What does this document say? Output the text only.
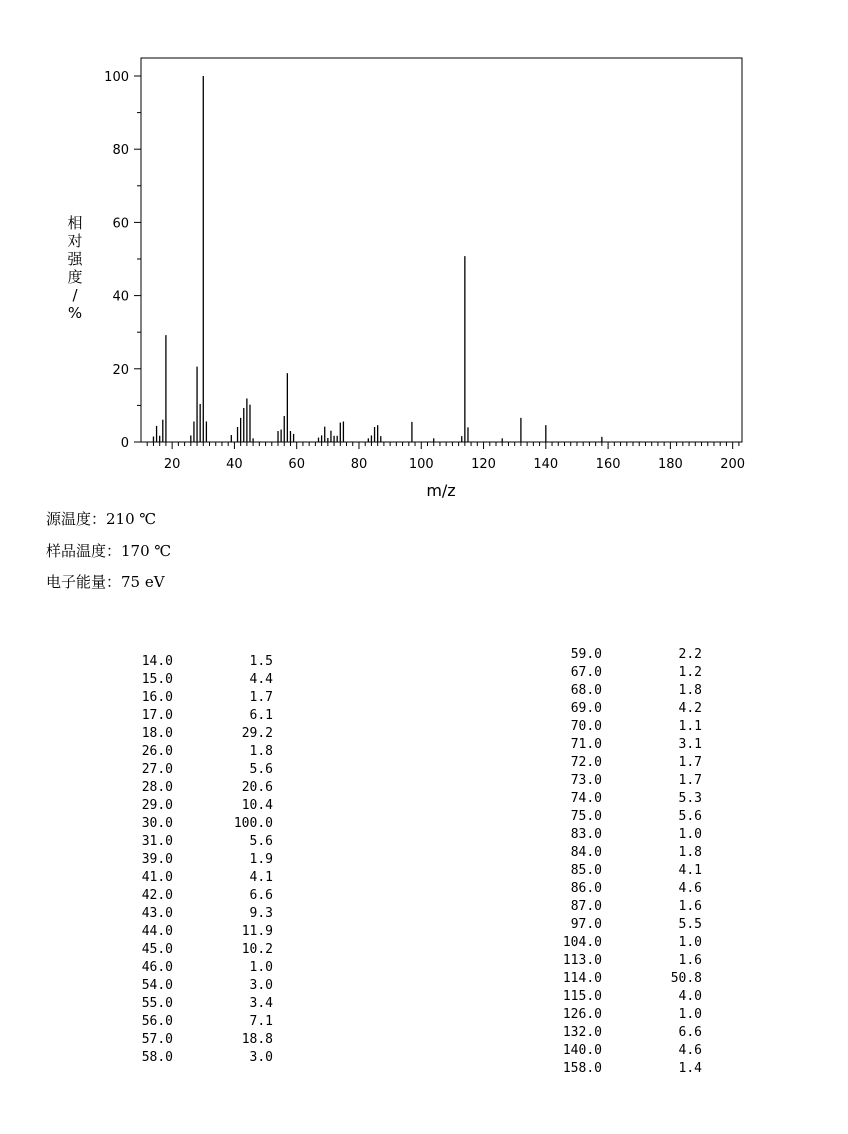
相
对
强
度
/
%
m/z
20	40	60	80	100	120	140	160	180	200
0
20
40
60
80
100
源温度：210 ℃
样品温度：170 ℃
电子能量：75 eV
14.0	1.5
15.0	4.4
16.0	1.7
17.0	6.1
18.0	29.2
26.0	1.8
27.0	5.6
28.0	20.6
29.0	10.4
30.0	100.0
31.0	5.6
39.0	1.9
41.0	4.1
42.0	6.6
43.0	9.3
44.0	11.9
45.0	10.2
46.0	1.0
54.0	3.0
55.0	3.4
56.0	7.1
57.0	18.8
58.0	3.0
59.0	2.2
67.0	1.2
68.0	1.8
69.0	4.2
70.0	1.1
71.0	3.1
72.0	1.7
73.0	1.7
74.0	5.3
75.0	5.6
83.0	1.0
84.0	1.8
85.0	4.1
86.0	4.6
87.0	1.6
97.0	5.5
104.0	1.0
113.0	1.6
114.0	50.8
115.0	4.0
126.0	1.0
132.0	6.6
140.0	4.6
158.0	1.4
